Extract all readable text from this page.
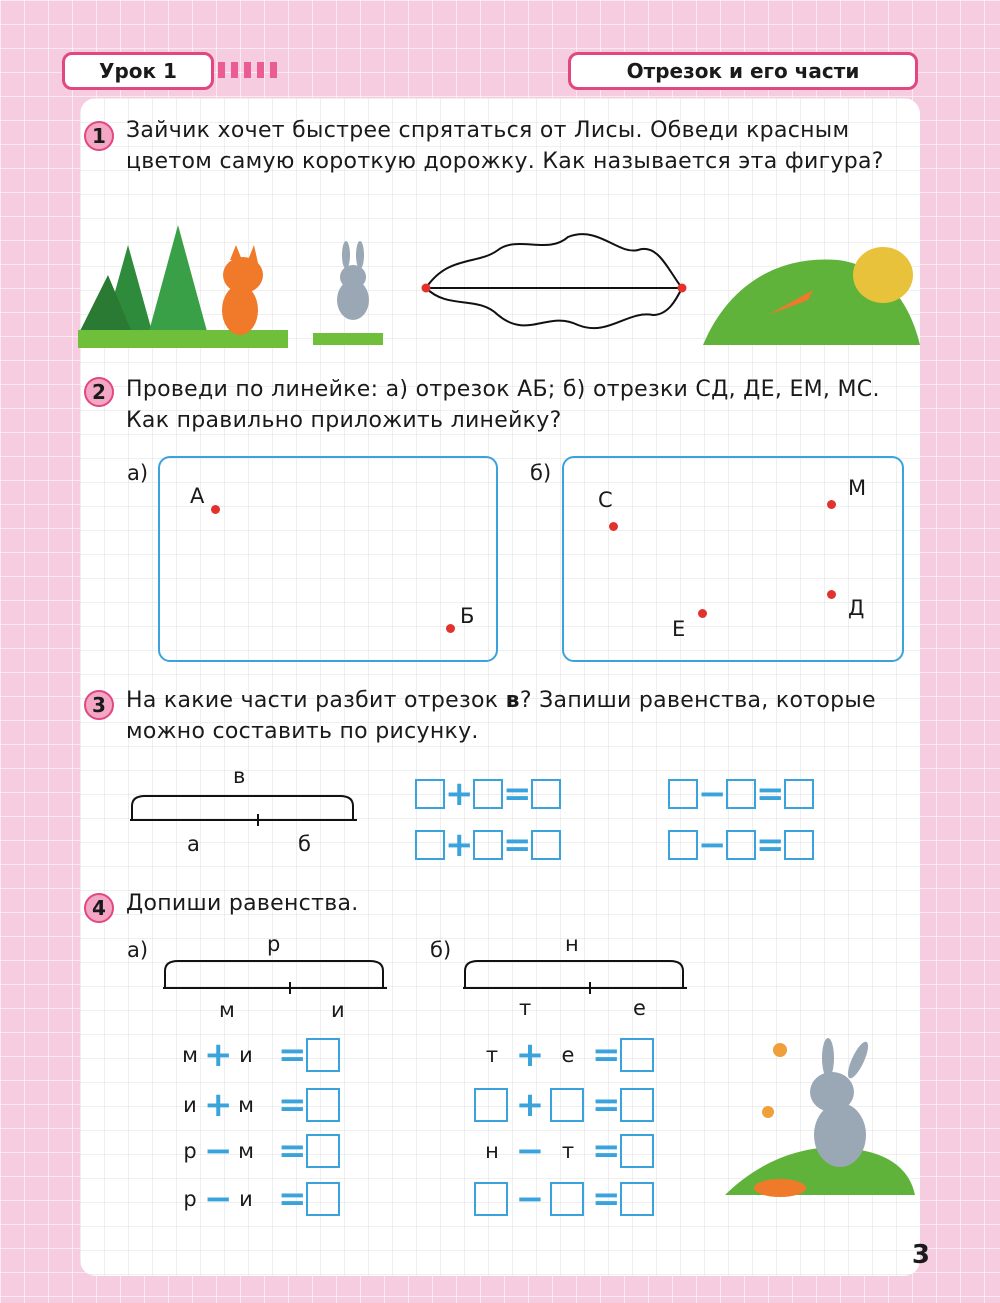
Урок 1	Отрезок и его части
1 Зайчик хочет быстрее спрятаться от Лисы. Обведи красным цветом самую короткую дорожку. Как называется эта фигура?
2 Проведи по линейке: а) отрезок АБ; б) отрезки СД, ДЕ, ЕМ, МС. Как правильно приложить линейку?
а)
А
Б
б)
С	М
Е
Д
3 На какие части разбит отрезок в? Запиши равенства, которые можно составить по рисунку.
в
а	б
+ =
+ =
− =
− =
4 Допиши равенства.
а)	р
м	и
б)	н
т	е
м + и =
и + м =
р − м =
р − и =
т + е =
+ =
н − т =
− =
3
